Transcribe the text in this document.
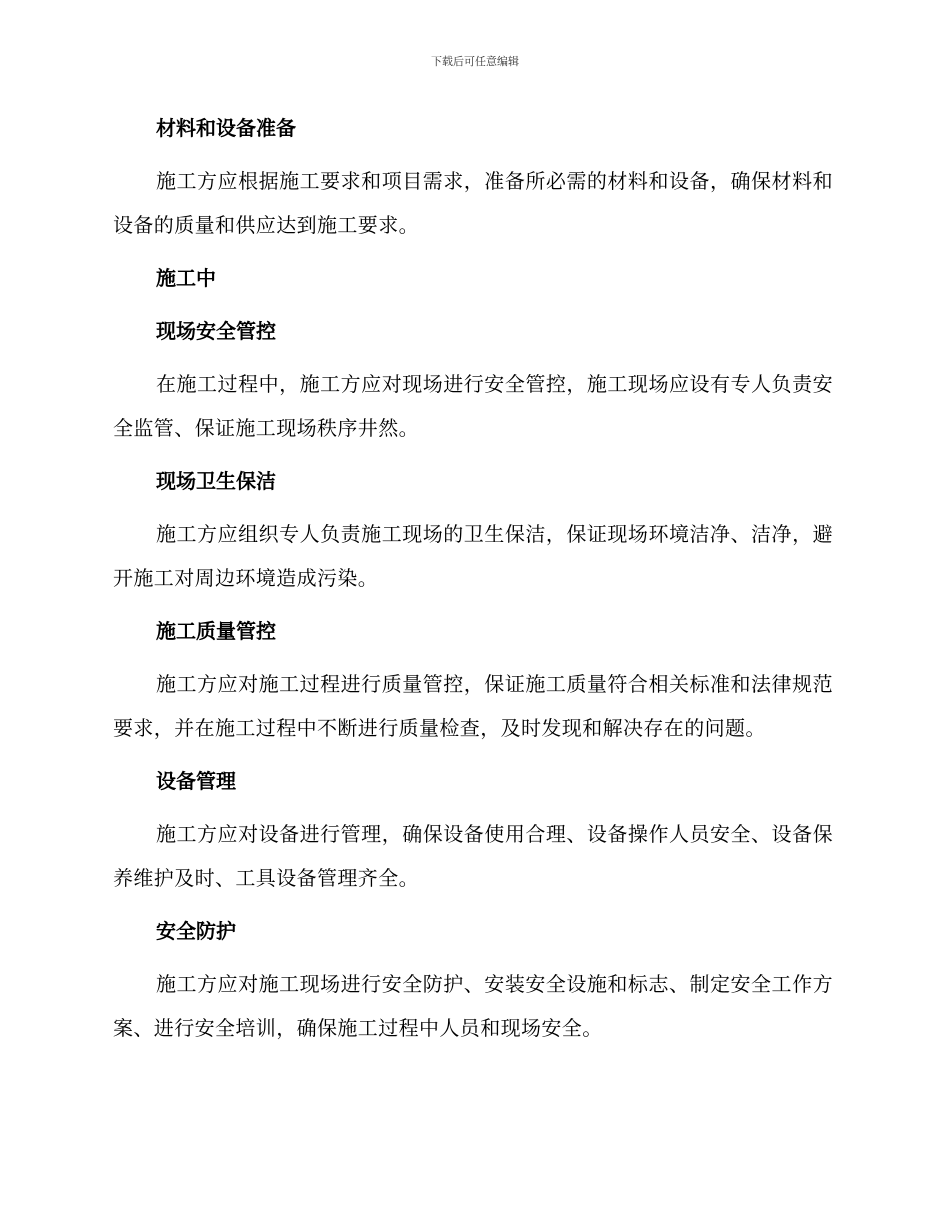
下载后可任意编辑
材料和设备准备
施工方应根据施工要求和项目需求，准备所必需的材料和设备，确保材料和设备的质量和供应达到施工要求。
施工中
现场安全管控
在施工过程中，施工方应对现场进行安全管控，施工现场应设有专人负责安全监管、保证施工现场秩序井然。
现场卫生保洁
施工方应组织专人负责施工现场的卫生保洁，保证现场环境洁净、洁净，避开施工对周边环境造成污染。
施工质量管控
施工方应对施工过程进行质量管控，保证施工质量符合相关标准和法律规范要求，并在施工过程中不断进行质量检查，及时发现和解决存在的问题。
设备管理
施工方应对设备进行管理，确保设备使用合理、设备操作人员安全、设备保养维护及时、工具设备管理齐全。
安全防护
施工方应对施工现场进行安全防护、安装安全设施和标志、制定安全工作方案、进行安全培训，确保施工过程中人员和现场安全。
